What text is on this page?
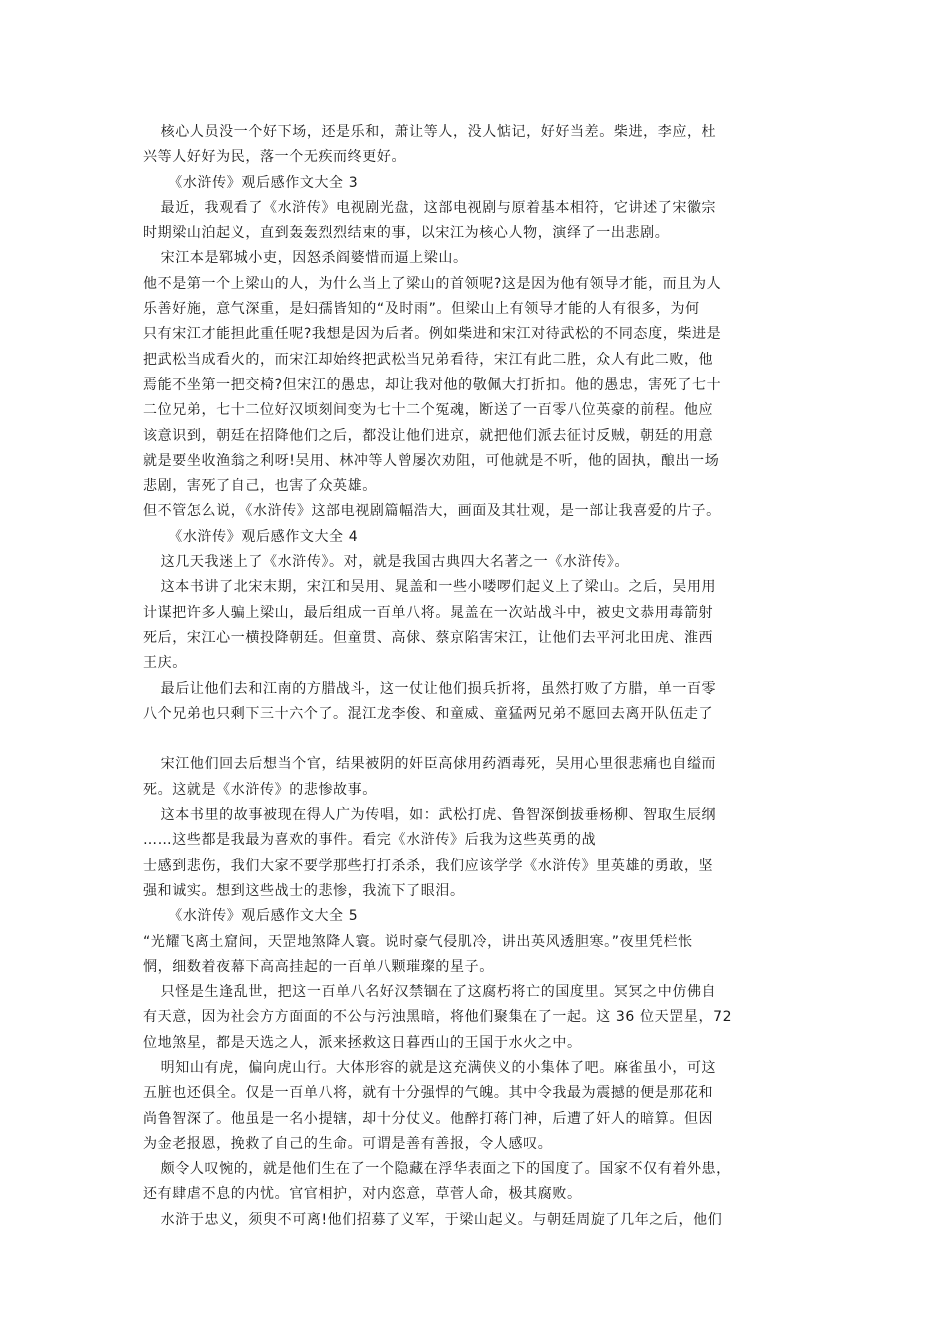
　核心人员没一个好下场，还是乐和，萧让等人，没人惦记，好好当差。柴进，李应，杜
兴等人好好为民，落一个无疾而终更好。
　　《水浒传》观后感作文大全 3
　最近，我观看了《水浒传》电视剧光盘，这部电视剧与原着基本相符，它讲述了宋徽宗
时期梁山泊起义，直到轰轰烈烈结束的事，以宋江为核心人物，演绎了一出悲剧。
　宋江本是郓城小吏，因怒杀阎婆惜而逼上梁山。
他不是第一个上梁山的人，为什么当上了梁山的首领呢?这是因为他有领导才能，而且为人
乐善好施，意气深重，是妇孺皆知的“及时雨”。但梁山上有领导才能的人有很多，为何
只有宋江才能担此重任呢?我想是因为后者。例如柴进和宋江对待武松的不同态度，柴进是
把武松当成看火的，而宋江却始终把武松当兄弟看待，宋江有此二胜，众人有此二败，他
焉能不坐第一把交椅?但宋江的愚忠，却让我对他的敬佩大打折扣。他的愚忠，害死了七十
二位兄弟，七十二位好汉顷刻间变为七十二个冤魂，断送了一百零八位英豪的前程。他应
该意识到，朝廷在招降他们之后，都没让他们进京，就把他们派去征讨反贼，朝廷的用意
就是要坐收渔翁之利呀!吴用、林冲等人曾屡次劝阻，可他就是不听，他的固执，酿出一场
悲剧，害死了自己，也害了众英雄。
但不管怎么说，《水浒传》这部电视剧篇幅浩大，画面及其壮观，是一部让我喜爱的片子。
　　《水浒传》观后感作文大全 4
　这几天我迷上了《水浒传》。对，就是我国古典四大名著之一《水浒传》。
　这本书讲了北宋末期，宋江和吴用、晁盖和一些小喽啰们起义上了梁山。之后，吴用用
计谋把许多人骗上梁山，最后组成一百单八将。晁盖在一次站战斗中，被史文恭用毒箭射
死后，宋江心一横投降朝廷。但童贯、高俅、蔡京陷害宋江，让他们去平河北田虎、淮西
王庆。
　最后让他们去和江南的方腊战斗，这一仗让他们损兵折将，虽然打败了方腊，单一百零
八个兄弟也只剩下三十六个了。混江龙李俊、和童威、童猛两兄弟不愿回去离开队伍走了
　宋江他们回去后想当个官，结果被阴的奸臣高俅用药酒毒死，吴用心里很悲痛也自缢而
死。这就是《水浒传》的悲惨故事。
　这本书里的故事被现在得人广为传唱，如：武松打虎、鲁智深倒拔垂杨柳、智取生辰纲
……这些都是我最为喜欢的事件。看完《水浒传》后我为这些英勇的战
士感到悲伤，我们大家不要学那些打打杀杀，我们应该学学《水浒传》里英雄的勇敢，坚
强和诚实。想到这些战士的悲惨，我流下了眼泪。
　　《水浒传》观后感作文大全 5
“光耀飞离土窟间，天罡地煞降人寰。说时豪气侵肌冷，讲出英风透胆寒。”夜里凭栏怅
惘，细数着夜幕下高高挂起的一百单八颗璀璨的星子。
　只怪是生逢乱世，把这一百单八名好汉禁锢在了这腐朽将亡的国度里。冥冥之中仿佛自
有天意，因为社会方方面面的不公与污浊黑暗，将他们聚集在了一起。这 36 位天罡星，72
位地煞星，都是天选之人，派来拯救这日暮西山的王国于水火之中。
　明知山有虎，偏向虎山行。大体形容的就是这充满侠义的小集体了吧。麻雀虽小，可这
五脏也还俱全。仅是一百单八将，就有十分强悍的气魄。其中令我最为震撼的便是那花和
尚鲁智深了。他虽是一名小提辖，却十分仗义。他醉打蒋门神，后遭了奸人的暗算。但因
为金老报恩，挽救了自己的生命。可谓是善有善报，令人感叹。
　颇令人叹惋的，就是他们生在了一个隐藏在浮华表面之下的国度了。国家不仅有着外患，
还有肆虐不息的内忧。官官相护，对内恣意，草菅人命，极其腐败。
　水浒于忠义，须臾不可离!他们招募了义军，于梁山起义。与朝廷周旋了几年之后，他们
